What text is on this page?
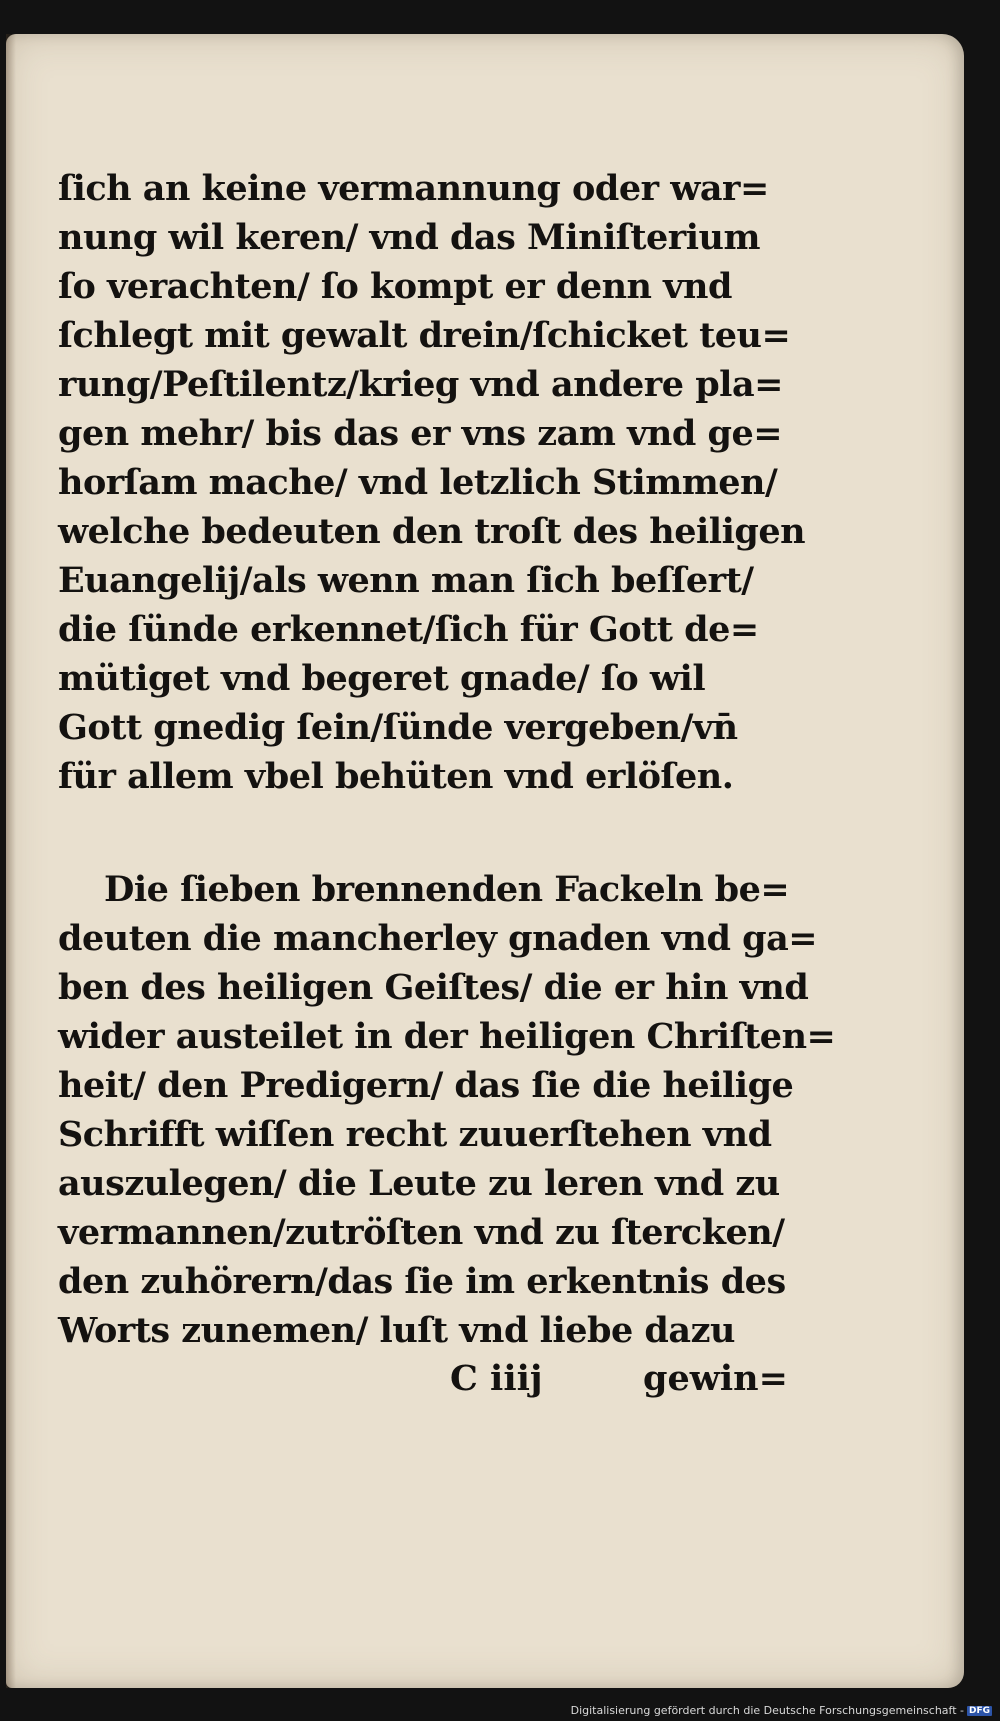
ſich an keine vermannung oder war=
nung wil keren/ vnd das Miniſterium
ſo verachten/ ſo kompt er denn vnd
ſchlegt mit gewalt drein/ſchicket teu=
rung/Peſtilentz/krieg vnd andere pla=
gen mehr/ bis das er vns zam vnd ge=
horſam mache/ vnd letzlich Stimmen/
welche bedeuten den troſt des heiligen
Euangelij/als wenn man ſich beſſert/
die ſünde erkennet/ſich für Gott de=
mütiget vnd begeret gnade/ ſo wil
Gott gnedig ſein/ſünde vergeben/vn̄
für allem vbel behüten vnd erlöſen.
Die ſieben brennenden Fackeln be=
deuten die mancherley gnaden vnd ga=
ben des heiligen Geiſtes/ die er hin vnd
wider austeilet in der heiligen Chriſten=
heit/ den Predigern/ das ſie die heilige
Schrifft wiſſen recht zuuerſtehen vnd
auszulegen/ die Leute zu leren vnd zu
vermannen/zutröſten vnd zu ſtercken/
den zuhörern/das ſie im erkentnis des
Worts zunemen/ luſt vnd liebe dazu
C iiij	gewin=
Digitalisierung gefördert durch die Deutsche Forschungsgemeinschaft - DFG
